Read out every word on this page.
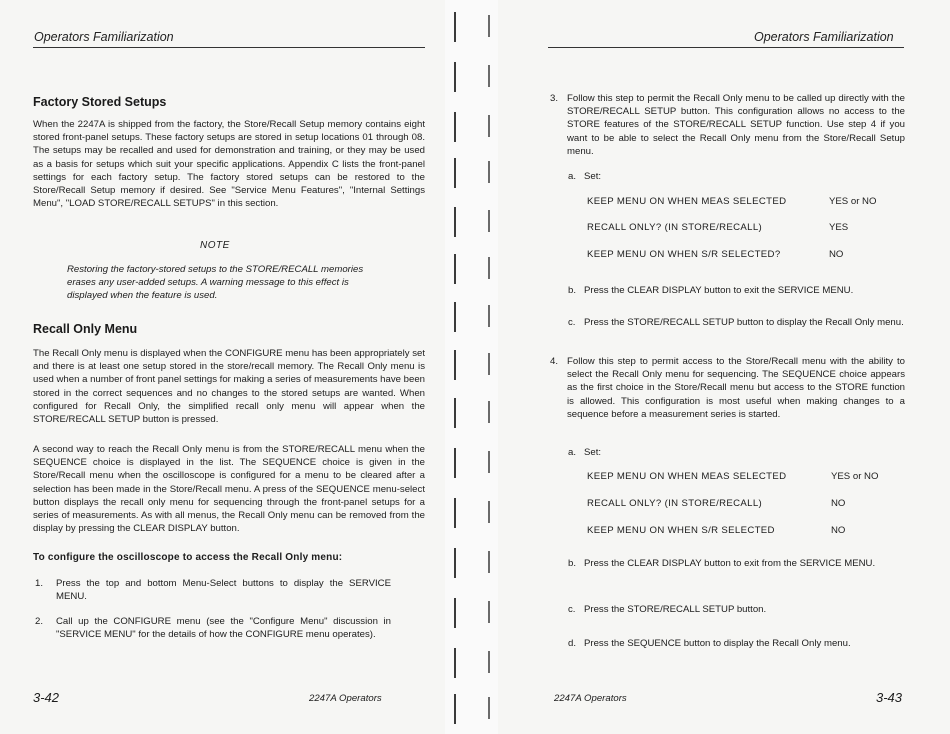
Operators Familiarization
Factory Stored Setups
When the 2247A is shipped from the factory, the Store/Recall Setup memory contains eight stored front-panel setups. These factory setups are stored in setup locations 01 through 08. The setups may be recalled and used for demonstration and training, or they may be used as a basis for setups which suit your specific applications. Appendix C lists the front-panel settings for each factory setup. The factory stored setups can be restored to the Store/Recall Setup memory if desired. See "Service Menu Features", "Internal Settings Menu", "LOAD STORE/RECALL SETUPS" in this section.
NOTE
Restoring the factory-stored setups to the STORE/RECALL memories erases any user-added setups. A warning message to this effect is displayed when the feature is used.
Recall Only Menu
The Recall Only menu is displayed when the CONFIGURE menu has been appropriately set and there is at least one setup stored in the store/recall memory. The Recall Only menu is used when a number of front panel settings for making a series of measurements have been stored in the correct sequences and no changes to the stored setups are wanted. When configured for Recall Only, the simplified recall only menu will appear when the STORE/RECALL SETUP button is pressed.
A second way to reach the Recall Only menu is from the STORE/RECALL menu when the SEQUENCE choice is displayed in the list. The SEQUENCE choice is given in the Store/Recall menu when the oscilloscope is configured for a menu to be cleared after a selection has been made in the Store/Recall menu. A press of the SEQUENCE menu-select button displays the recall only menu for sequencing through the front-panel setups for a series of measurements. As with all menus, the Recall Only menu can be removed from the display by pressing the CLEAR DISPLAY button.
To configure the oscilloscope to access the Recall Only menu:
1. Press the top and bottom Menu-Select buttons to display the SERVICE MENU.
2. Call up the CONFIGURE menu (see the "Configure Menu" discussion in "SERVICE MENU" for the details of how the CONFIGURE menu operates).
3-42	2247A Operators
Operators Familiarization
3. Follow this step to permit the Recall Only menu to be called up directly with the STORE/RECALL SETUP button. This configuration allows no access to the STORE features of the STORE/RECALL SETUP function. Use step 4 if you want to be able to select the Recall Only menu from the Store/Recall Setup menu.
a. Set:
KEEP MENU ON WHEN MEAS SELECTED	YES or NO
RECALL ONLY? (IN STORE/RECALL)	YES
KEEP MENU ON WHEN S/R SELECTED?	NO
b. Press the CLEAR DISPLAY button to exit the SERVICE MENU.
c. Press the STORE/RECALL SETUP button to display the Recall Only menu.
4. Follow this step to permit access to the Store/Recall menu with the ability to select the Recall Only menu for sequencing. The SEQUENCE choice appears as the first choice in the Store/Recall menu but access to the STORE function is allowed. This configuration is most useful when making changes to a sequence before a measurement series is started.
a. Set:
KEEP MENU ON WHEN MEAS SELECTED	YES or NO
RECALL ONLY? (IN STORE/RECALL)	NO
KEEP MENU ON WHEN S/R SELECTED	NO
b. Press the CLEAR DISPLAY button to exit from the SERVICE MENU.
c. Press the STORE/RECALL SETUP button.
d. Press the SEQUENCE button to display the Recall Only menu.
2247A Operators	3-43
